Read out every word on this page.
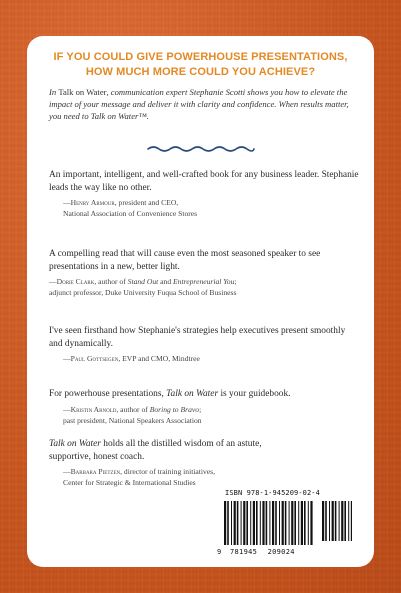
IF YOU COULD GIVE POWERHOUSE PRESENTATIONS,
HOW MUCH MORE COULD YOU ACHIEVE?
In Talk on Water, communication expert Stephanie Scotti shows you how to elevate the impact of your message and deliver it with clarity and confidence. When results matter, you need to Talk on Water™.
An important, intelligent, and well-crafted book for any business leader. Stephanie leads the way like no other.
—Henry Armour, president and CEO,
National Association of Convenience Stores
A compelling read that will cause even the most seasoned speaker to see presentations in a new, better light.
—Dorie Clark, author of Stand Out and Entrepreneurial You;
adjunct professor, Duke University Fuqua School of Business
I've seen firsthand how Stephanie's strategies help executives present smoothly and dynamically.
—Paul Gottsegen, EVP and CMO, Mindtree
For powerhouse presentations, Talk on Water is your guidebook.
—Kristin Arnold, author of Boring to Bravo;
past president, National Speakers Association
Talk on Water holds all the distilled wisdom of an astute, supportive, honest coach.
—Barbara Pietzen, director of training initiatives,
Center for Strategic & International Studies
ISBN 978-1-945209-02-4
9 781945 209024
